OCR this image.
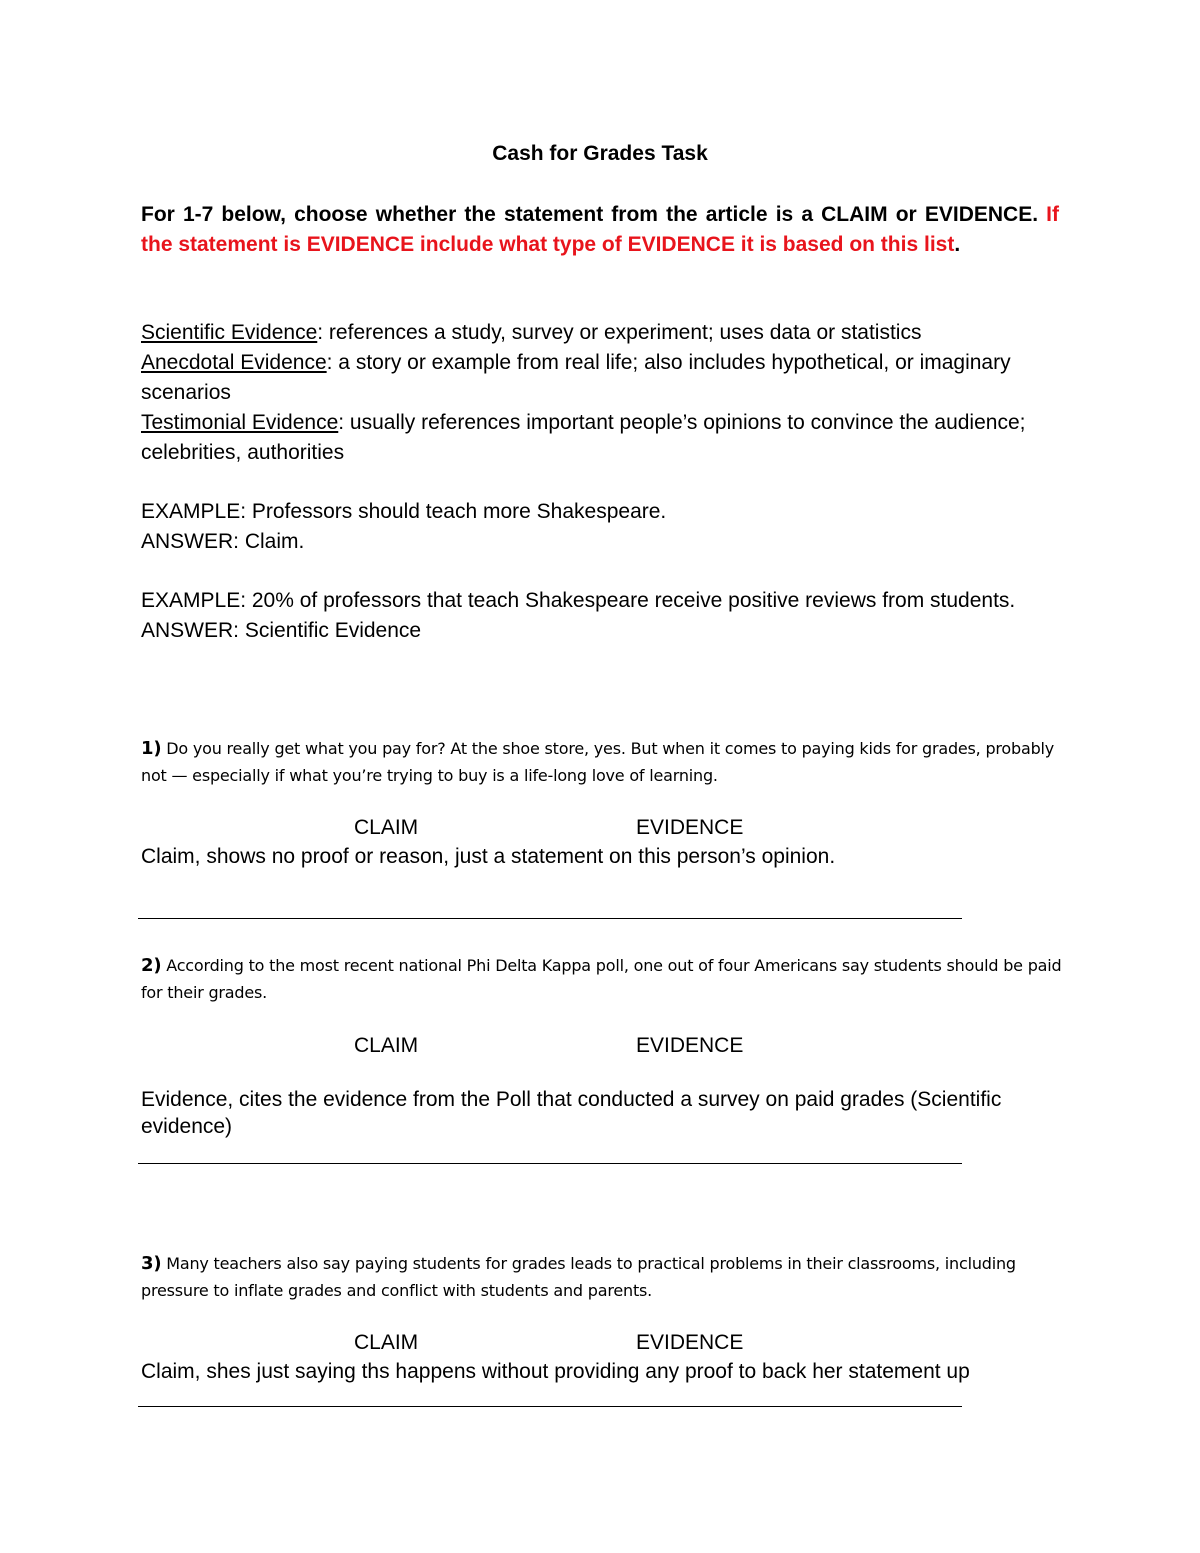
Cash for Grades Task
For 1-7 below, choose whether the statement from the article is a CLAIM or EVIDENCE. If the statement is EVIDENCE include what type of EVIDENCE it is based on this list.
Scientific Evidence: references a study, survey or experiment; uses data or statistics
Anecdotal Evidence: a story or example from real life; also includes hypothetical, or imaginary scenarios
Testimonial Evidence: usually references important people’s opinions to convince the audience; celebrities, authorities
EXAMPLE: Professors should teach more Shakespeare.
ANSWER: Claim.
EXAMPLE: 20% of professors that teach Shakespeare receive positive reviews from students.
ANSWER: Scientific Evidence
1) Do you really get what you pay for? At the shoe store, yes. But when it comes to paying kids for grades, probably not — especially if what you’re trying to buy is a life-long love of learning.
CLAIM	EVIDENCE
Claim, shows no proof or reason, just a statement on this person’s opinion.
2) According to the most recent national Phi Delta Kappa poll, one out of four Americans say students should be paid for their grades.
CLAIM	EVIDENCE
Evidence, cites the evidence from the Poll that conducted a survey on paid grades (Scientific evidence)
3) Many teachers also say paying students for grades leads to practical problems in their classrooms, including pressure to inflate grades and conflict with students and parents.
CLAIM	EVIDENCE
Claim, shes just saying ths happens without providing any proof to back her statement up
